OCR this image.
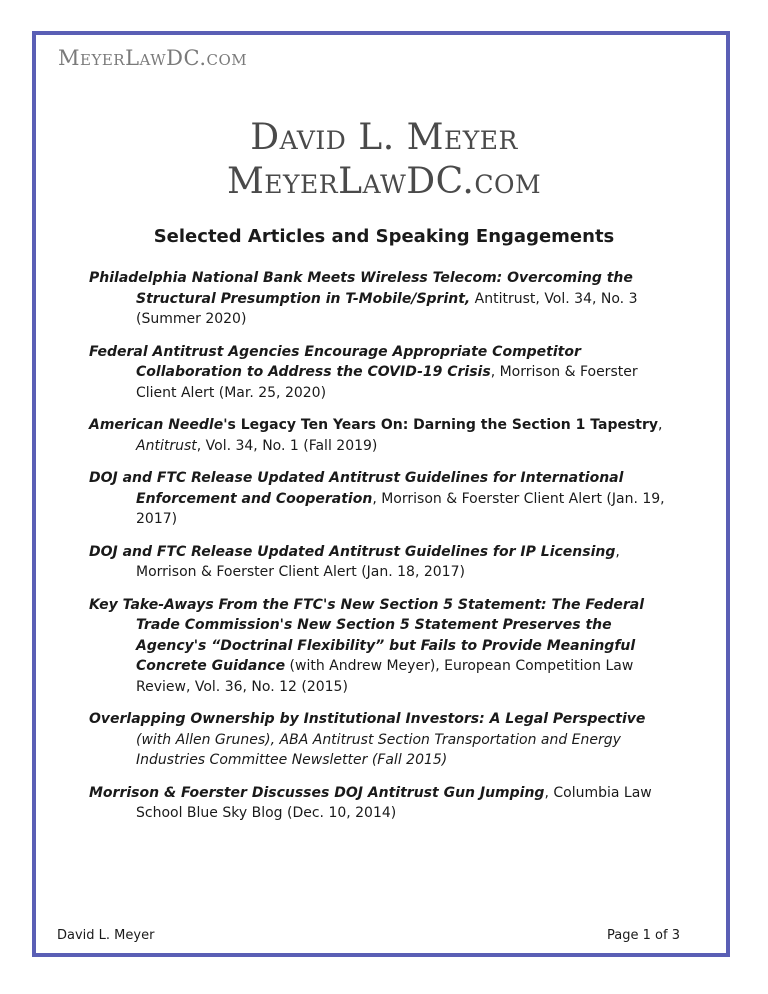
MeyerLawDC.com
David L. Meyer
MeyerLawDC.com
Selected Articles and Speaking Engagements

Philadelphia National Bank Meets Wireless Telecom: Overcoming the Structural Presumption in T-Mobile/Sprint, Antitrust, Vol. 34, No. 3 (Summer 2020)

Federal Antitrust Agencies Encourage Appropriate Competitor Collaboration to Address the COVID-19 Crisis, Morrison & Foerster Client Alert (Mar. 25, 2020)

American Needle's Legacy Ten Years On: Darning the Section 1 Tapestry, Antitrust, Vol. 34, No. 1 (Fall 2019)

DOJ and FTC Release Updated Antitrust Guidelines for International Enforcement and Cooperation, Morrison & Foerster Client Alert (Jan. 19, 2017)

DOJ and FTC Release Updated Antitrust Guidelines for IP Licensing, Morrison & Foerster Client Alert (Jan. 18, 2017)

Key Take-Aways From the FTC's New Section 5 Statement: The Federal Trade Commission's New Section 5 Statement Preserves the Agency's “Doctrinal Flexibility” but Fails to Provide Meaningful Concrete Guidance (with Andrew Meyer), European Competition Law Review, Vol. 36, No. 12 (2015)

Overlapping Ownership by Institutional Investors: A Legal Perspective (with Allen Grunes), ABA Antitrust Section Transportation and Energy Industries Committee Newsletter (Fall 2015)

Morrison & Foerster Discusses DOJ Antitrust Gun Jumping, Columbia Law School Blue Sky Blog (Dec. 10, 2014)

David L. Meyer	Page 1 of 3
